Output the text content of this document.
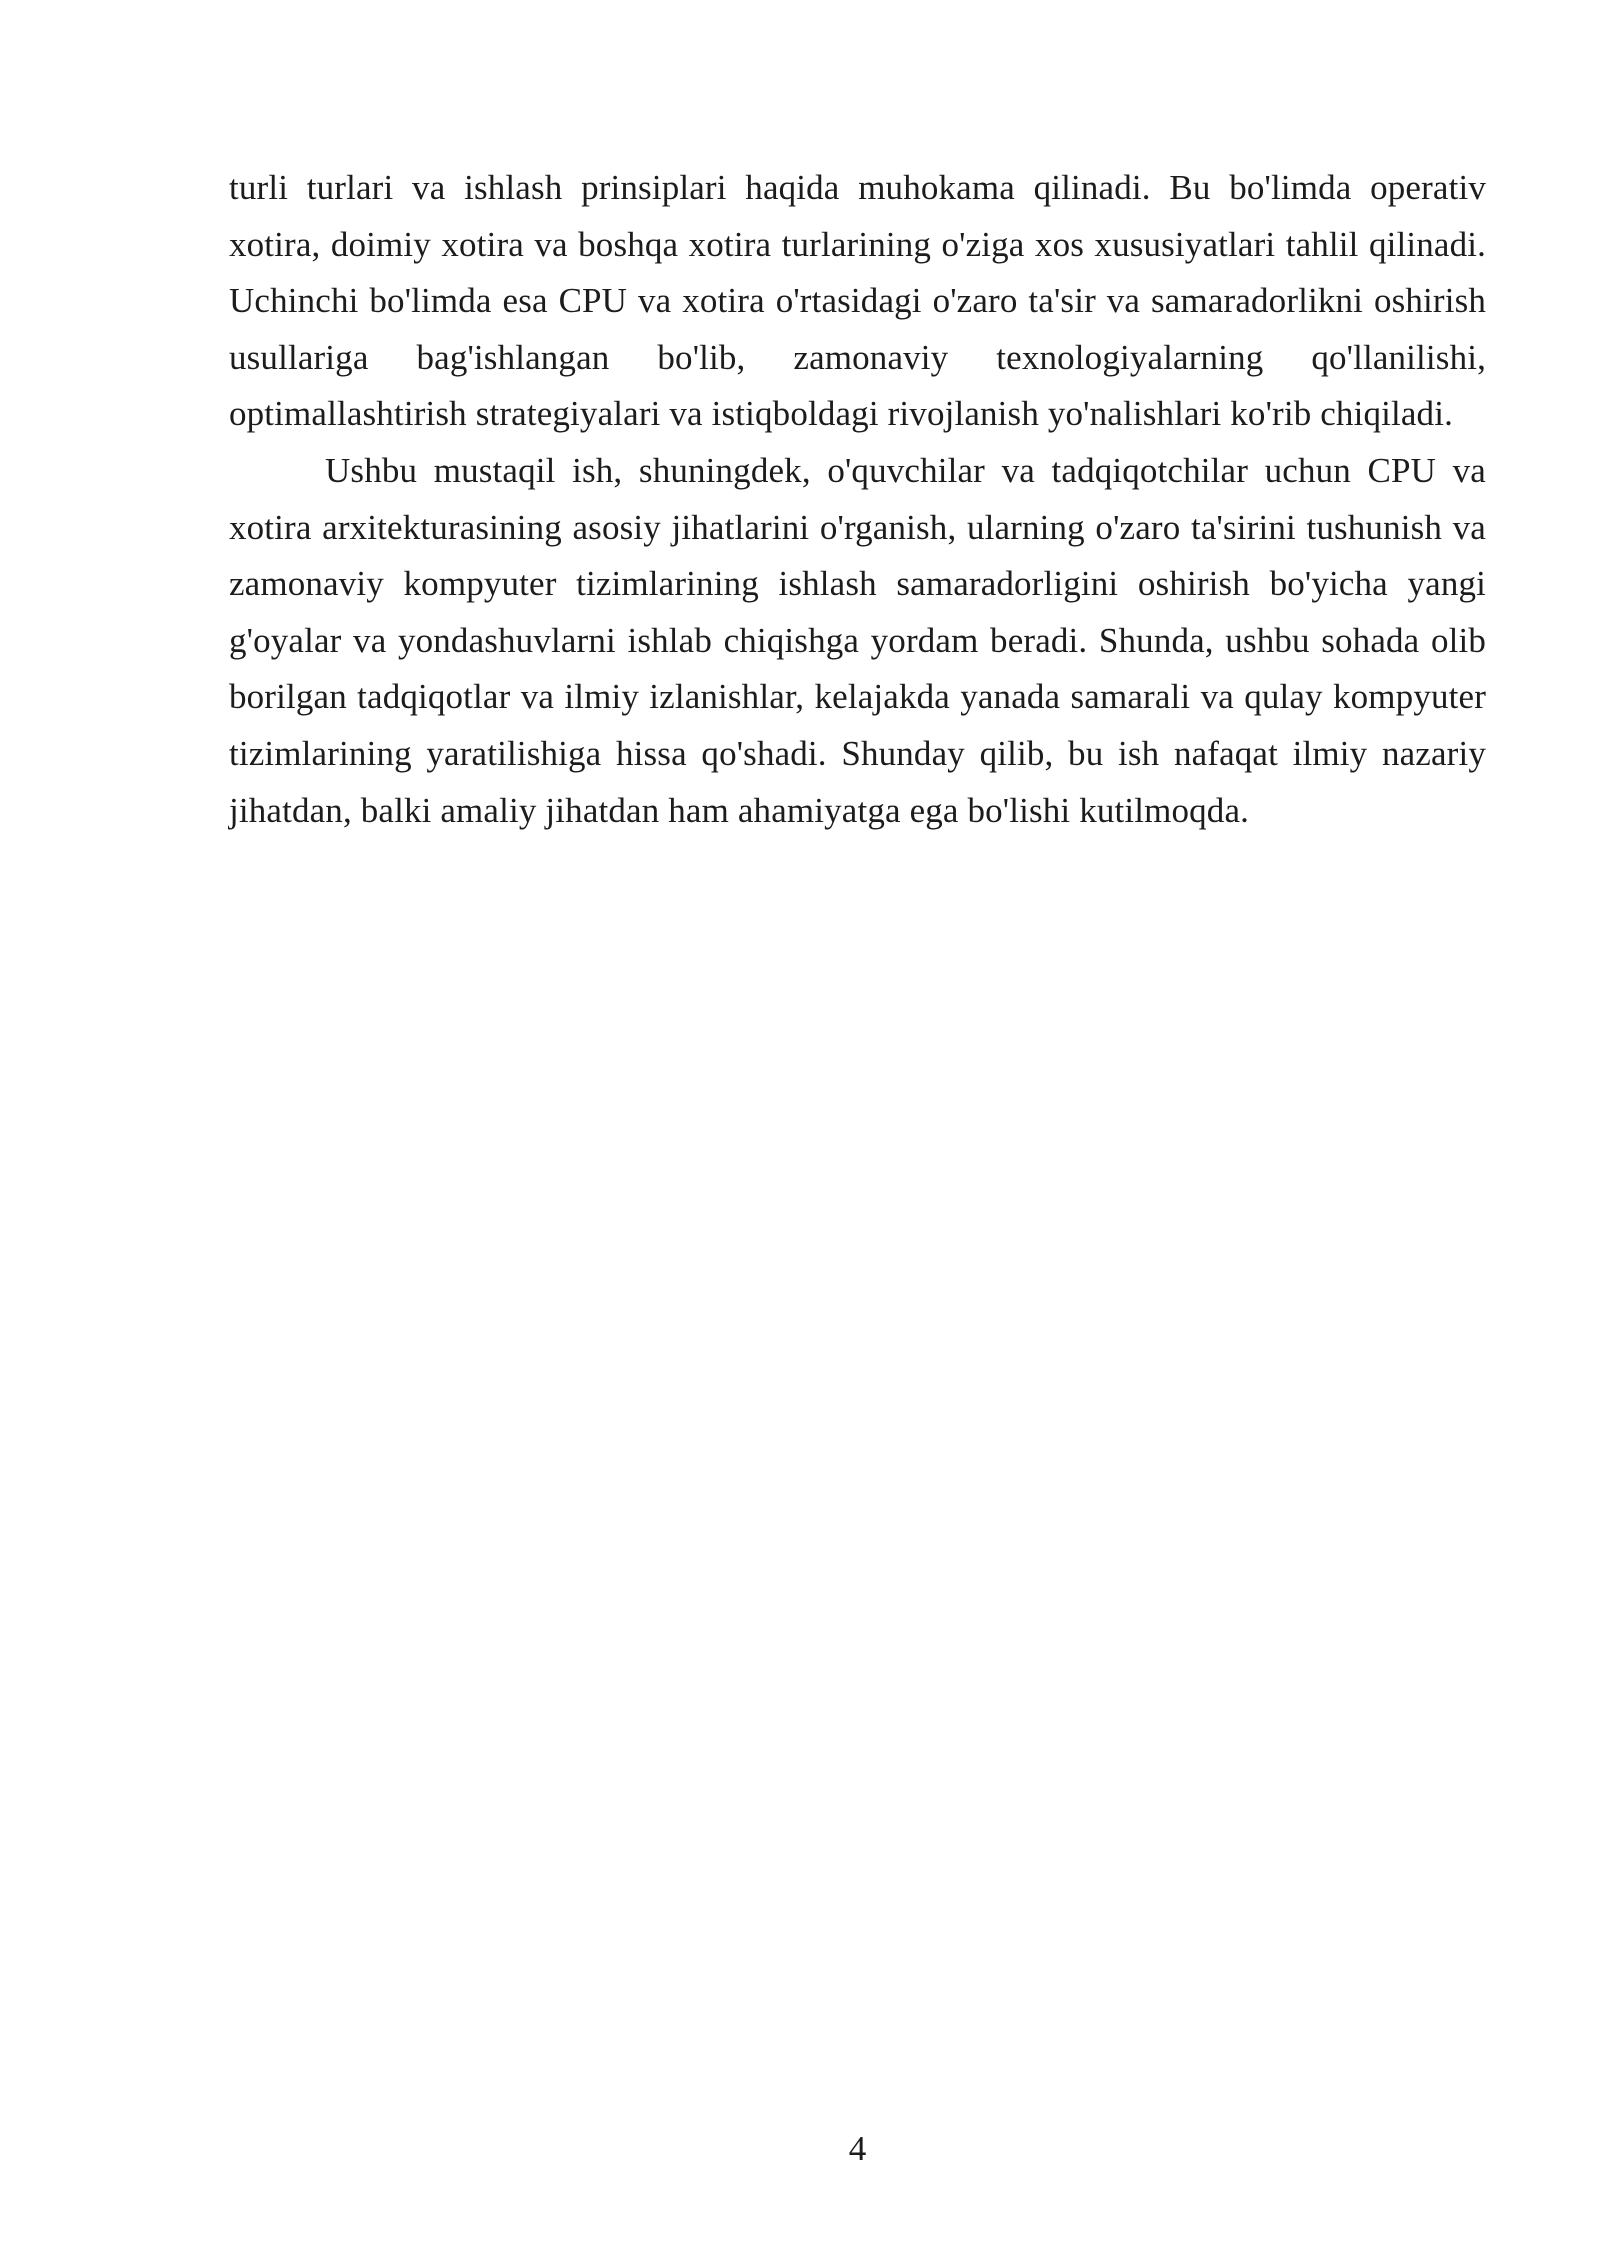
turli turlari va ishlash prinsiplari haqida muhokama qilinadi. Bu bo'limda operativ xotira, doimiy xotira va boshqa xotira turlarining o'ziga xos xususiyatlari tahlil qilinadi. Uchinchi bo'limda esa CPU va xotira o'rtasidagi o'zaro ta'sir va samaradorlikni oshirish usullariga bag'ishlangan bo'lib, zamonaviy texnologiyalarning qo'llanilishi, optimallashtirish strategiyalari va istiqboldagi rivojlanish yo'nalishlari ko'rib chiqiladi.

Ushbu mustaqil ish, shuningdek, o'quvchilar va tadqiqotchilar uchun CPU va xotira arxitekturasining asosiy jihatlarini o'rganish, ularning o'zaro ta'sirini tushunish va zamonaviy kompyuter tizimlarining ishlash samaradorligini oshirish bo'yicha yangi g'oyalar va yondashuvlarni ishlab chiqishga yordam beradi. Shunda, ushbu sohada olib borilgan tadqiqotlar va ilmiy izlanishlar, kelajakda yanada samarali va qulay kompyuter tizimlarining yaratilishiga hissa qo'shadi. Shunday qilib, bu ish nafaqat ilmiy nazariy jihatdan, balki amaliy jihatdan ham ahamiyatga ega bo'lishi kutilmoqda.

4
